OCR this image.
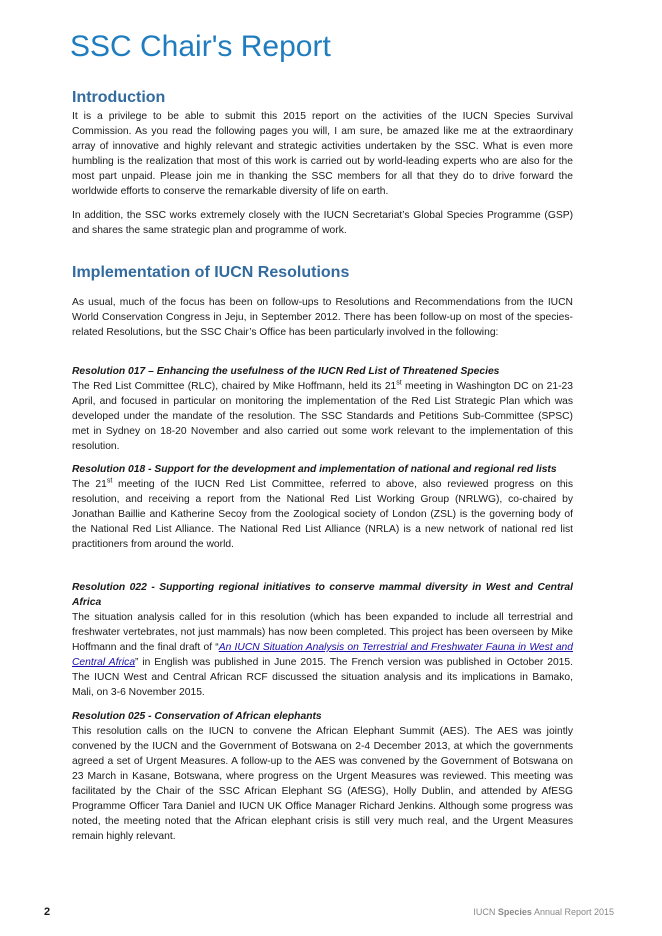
SSC Chair's Report
Introduction

It is a privilege to be able to submit this 2015 report on the activities of the IUCN Species Survival Commission. As you read the following pages you will, I am sure, be amazed like me at the extraordinary array of innovative and highly relevant and strategic activities undertaken by the SSC. What is even more humbling is the realization that most of this work is carried out by world-leading experts who are also for the most part unpaid. Please join me in thanking the SSC members for all that they do to drive forward the worldwide efforts to conserve the remarkable diversity of life on earth.

In addition, the SSC works extremely closely with the IUCN Secretariat’s Global Species Programme (GSP) and shares the same strategic plan and programme of work.

Implementation of IUCN Resolutions

As usual, much of the focus has been on follow-ups to Resolutions and Recommendations from the IUCN World Conservation Congress in Jeju, in September 2012. There has been follow-up on most of the species-related Resolutions, but the SSC Chair’s Office has been particularly involved in the following:

Resolution 017 – Enhancing the usefulness of the IUCN Red List of Threatened Species
The Red List Committee (RLC), chaired by Mike Hoffmann, held its 21st meeting in Washington DC on 21-23 April, and focused in particular on monitoring the implementation of the Red List Strategic Plan which was developed under the mandate of the resolution. The SSC Standards and Petitions Sub-Committee (SPSC) met in Sydney on 18-20 November and also carried out some work relevant to the implementation of this resolution.
Resolution 018 - Support for the development and implementation of national and regional red lists
The 21st meeting of the IUCN Red List Committee, referred to above, also reviewed progress on this resolution, and receiving a report from the National Red List Working Group (NRLWG), co-chaired by Jonathan Baillie and Katherine Secoy from the Zoological society of London (ZSL) is the governing body of the National Red List Alliance. The National Red List Alliance (NRLA) is a new network of national red list practitioners from around the world.
Resolution 022 - Supporting regional initiatives to conserve mammal diversity in West and Central Africa
The situation analysis called for in this resolution (which has been expanded to include all terrestrial and freshwater vertebrates, not just mammals) has now been completed. This project has been overseen by Mike Hoffmann and the final draft of “An IUCN Situation Analysis on Terrestrial and Freshwater Fauna in West and Central Africa” in English was published in June 2015. The French version was published in October 2015. The IUCN West and Central African RCF discussed the situation analysis and its implications in Bamako, Mali, on 3-6 November 2015.
Resolution 025 - Conservation of African elephants
This resolution calls on the IUCN to convene the African Elephant Summit (AES). The AES was jointly convened by the IUCN and the Government of Botswana on 2-4 December 2013, at which the governments agreed a set of Urgent Measures. A follow-up to the AES was convened by the Government of Botswana on 23 March in Kasane, Botswana, where progress on the Urgent Measures was reviewed. This meeting was facilitated by the Chair of the SSC African Elephant SG (AfESG), Holly Dublin, and attended by AfESG Programme Officer Tara Daniel and IUCN UK Office Manager Richard Jenkins. Although some progress was noted, the meeting noted that the African elephant crisis is still very much real, and the Urgent Measures remain highly relevant.
2	IUCN Species Annual Report 2015
